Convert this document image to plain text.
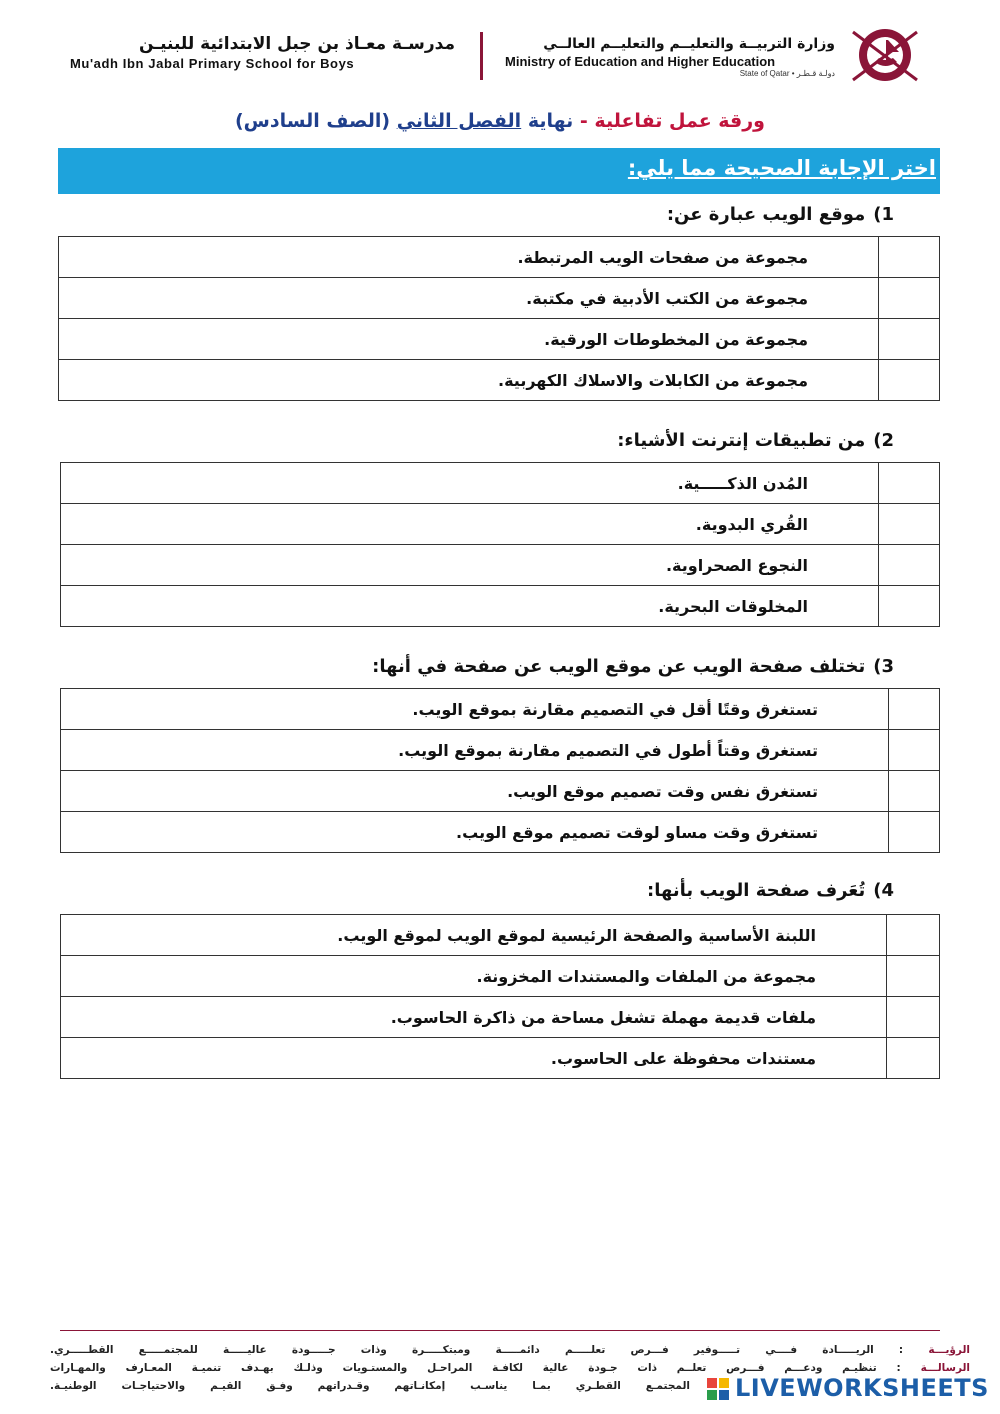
مدرسـة معـاذ بن جبل الابتدائية للبنيـن
Mu'adh Ibn Jabal Primary School for Boys
وزارة التربيــة والتعليــم والتعليــم العالــي
Ministry of Education and Higher Education
State of Qatar • دولـة قـطـر
ورقة عمل تفاعلية - نهاية الفصل الثاني (الصف السادس)
اختر الإجابة الصحيحة مما يلي:
1)موقع الويب عبارة عن:
مجموعة من صفحات الويب المرتبطة.	
مجموعة من الكتب الأدبية في مكتبة.	
مجموعة من المخطوطات الورقية.	
مجموعة من الكابلات والاسلاك الكهربية.	
2)من تطبيقات إنترنت الأشياء:
المُدن الذكـــــية.	
القُري البدوية.	
النجوع الصحراوية.	
المخلوقات البحرية.	
3)تختلف صفحة الويب عن موقع الويب عن صفحة في أنها:
تستغرق وقتًا أقل في التصميم مقارنة بموقع الويب.	
تستغرق وقتاً أطول في التصميم مقارنة بموقع الويب.	
تستغرق نفس وقت تصميم موقع الويب.	
تستغرق وقت مساو لوقت تصميم موقع الويب.	
4)تُعَرف صفحة الويب بأنها:
اللبنة الأساسية والصفحة الرئيسية لموقع الويب لموقع الويب.	
مجموعة من الملفات والمستندات المخزونة.	
ملفات قديمة مهملة تشغل مساحة من ذاكرة الحاسوب.	
مستندات محفوظة على الحاسوب.	
الرؤيـــة : الريـــــادة فــــي تـــــوفير فـــرص تعلـــــم دائمـــــة ومبتكـــــرة وذات جـــــودة عاليـــــة للمجتمـــــع القطـــــري.
الرسالـــة : تنظيـم ودعـــم فـــرص تعلــم ذات جـودة عالية لكافـة المراحـل والمستـويات وذلـك بهـدف تنميـة المعـارف والمهـارات
المجتمـع القطـري بمـا يناسـب إمكانـاتهم وقـدراتهم وفـق القيـم والاحتياجـات الوطنيـة. LIVEWORKSHEETS
